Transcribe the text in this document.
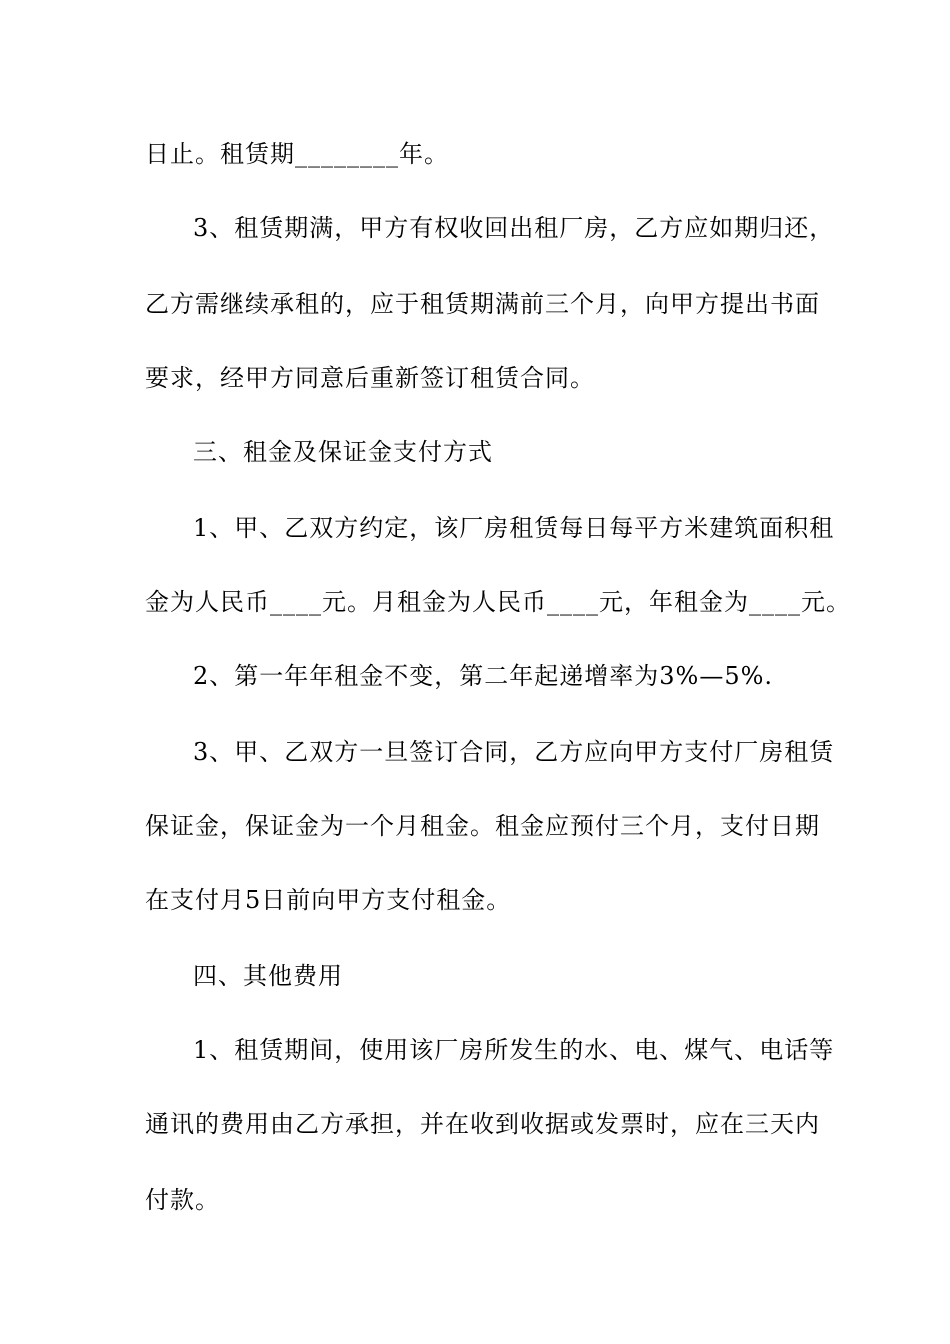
日止。租赁期________年。
3、租赁期满，甲方有权收回出租厂房，乙方应如期归还，
乙方需继续承租的，应于租赁期满前三个月，向甲方提出书面
要求，经甲方同意后重新签订租赁合同。
三、租金及保证金支付方式
1、甲、乙双方约定，该厂房租赁每日每平方米建筑面积租
金为人民币____元。月租金为人民币____元，年租金为____元。
2、第一年年租金不变，第二年起递增率为3%—5%.
3、甲、乙双方一旦签订合同，乙方应向甲方支付厂房租赁
保证金，保证金为一个月租金。租金应预付三个月，支付日期
在支付月5日前向甲方支付租金。
四、其他费用
1、租赁期间，使用该厂房所发生的水、电、煤气、电话等
通讯的费用由乙方承担，并在收到收据或发票时，应在三天内
付款。
